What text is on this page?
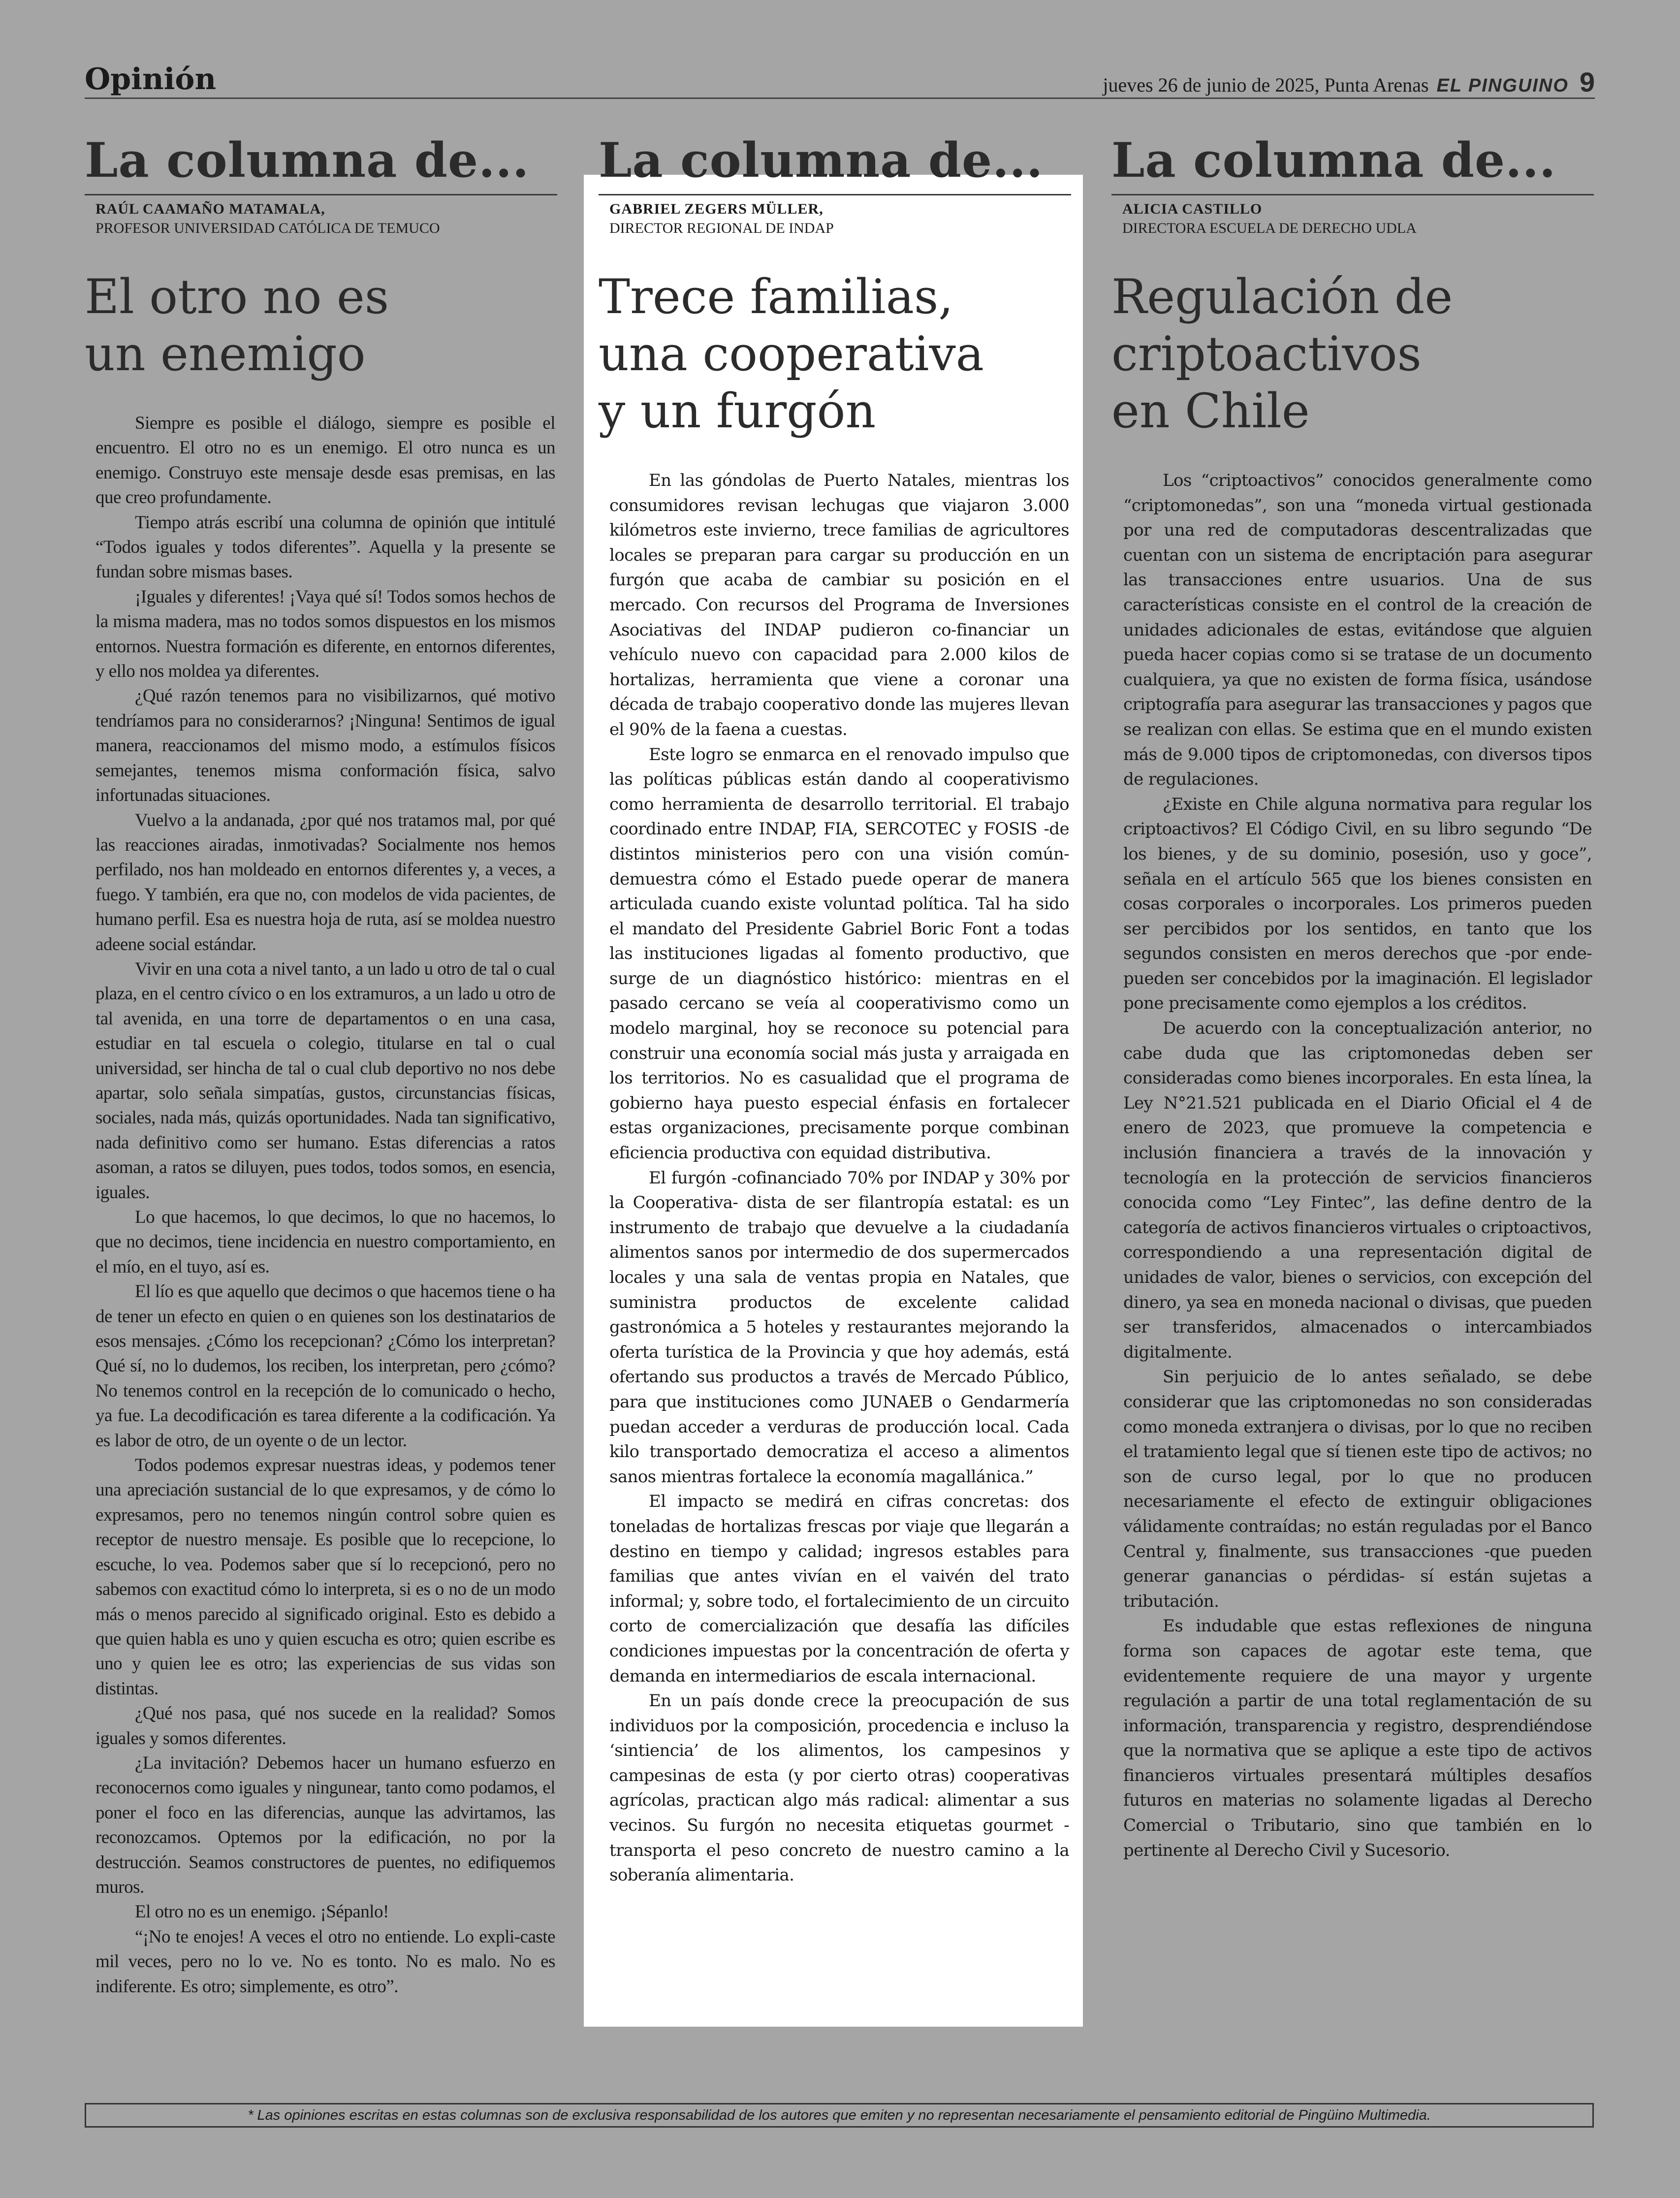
Opinión	jueves 26 de junio de 2025, Punta Arenas EL PINGUINO 9
La columna de...
RAÚL CAAMAÑO MATAMALA,
PROFESOR UNIVERSIDAD CATÓLICA DE TEMUCO
El otro no es
un enemigo

Siempre es posible el diálogo, siempre es posible el encuentro. El otro no es un enemigo. El otro nunca es un enemigo. Construyo este mensaje desde esas premisas, en las que creo profundamente.

Tiempo atrás escribí una columna de opinión que intitulé “Todos iguales y todos diferentes”. Aquella y la presente se fundan sobre mismas bases.

¡Iguales y diferentes! ¡Vaya qué sí! Todos somos hechos de la misma madera, mas no todos somos dispuestos en los mismos entornos. Nuestra formación es diferente, en entornos diferentes, y ello nos moldea ya diferentes.

¿Qué razón tenemos para no visibilizarnos, qué motivo tendríamos para no considerarnos? ¡Ninguna! Sentimos de igual manera, reaccionamos del mismo modo, a estímulos físicos semejantes, tenemos misma conformación física, salvo infortunadas situaciones.

Vuelvo a la andanada, ¿por qué nos tratamos mal, por qué las reacciones airadas, inmotivadas? Socialmente nos hemos perfilado, nos han moldeado en entornos diferentes y, a veces, a fuego. Y también, era que no, con modelos de vida pacientes, de humano perfil. Esa es nuestra hoja de ruta, así se moldea nuestro adeene social estándar.

Vivir en una cota a nivel tanto, a un lado u otro de tal o cual plaza, en el centro cívico o en los extramuros, a un lado u otro de tal avenida, en una torre de departamentos o en una casa, estudiar en tal escuela o colegio, titularse en tal o cual universidad, ser hincha de tal o cual club deportivo no nos debe apartar, solo señala simpatías, gustos, circunstancias físicas, sociales, nada más, quizás oportunidades. Nada tan significativo, nada definitivo como ser humano. Estas diferencias a ratos asoman, a ratos se diluyen, pues todos, todos somos, en esencia, iguales.

Lo que hacemos, lo que decimos, lo que no hacemos, lo que no decimos, tiene incidencia en nuestro comportamiento, en el mío, en el tuyo, así es.

El lío es que aquello que decimos o que hacemos tiene o ha de tener un efecto en quien o en quienes son los destinatarios de esos mensajes. ¿Cómo los recepcionan? ¿Cómo los interpretan? Qué sí, no lo dudemos, los reciben, los interpretan, pero ¿cómo? No tenemos control en la recepción de lo comunicado o hecho, ya fue. La decodificación es tarea diferente a la codificación. Ya es labor de otro, de un oyente o de un lector.

Todos podemos expresar nuestras ideas, y podemos tener una apreciación sustancial de lo que expresamos, y de cómo lo expresamos, pero no tenemos ningún control sobre quien es receptor de nuestro mensaje. Es posible que lo recepcione, lo escuche, lo vea. Podemos saber que sí lo recepcionó, pero no sabemos con exactitud cómo lo interpreta, si es o no de un modo más o menos parecido al significado original. Esto es debido a que quien habla es uno y quien escucha es otro; quien escribe es uno y quien lee es otro; las experiencias de sus vidas son distintas.

¿Qué nos pasa, qué nos sucede en la realidad? Somos iguales y somos diferentes.

¿La invitación? Debemos hacer un humano esfuerzo en reconocernos como iguales y ningunear, tanto como podamos, el poner el foco en las diferencias, aunque las advirtamos, las reconozcamos. Optemos por la edificación, no por la destrucción. Seamos constructores de puentes, no edifiquemos muros.

El otro no es un enemigo. ¡Sépanlo!

“¡No te enojes! A veces el otro no entiende. Lo expli-caste mil veces, pero no lo ve. No es tonto. No es malo. No es indiferente. Es otro; simplemente, es otro”.

La columna de...
GABRIEL ZEGERS MÜLLER,
DIRECTOR REGIONAL DE INDAP
Trece familias,
una cooperativa
y un furgón

En las góndolas de Puerto Natales, mientras los consumidores revisan lechugas que viajaron 3.000 kilómetros este invierno, trece familias de agricultores locales se preparan para cargar su producción en un furgón que acaba de cambiar su posición en el mercado. Con recursos del Programa de Inversiones Asociativas del INDAP pudieron co-financiar un vehículo nuevo con capacidad para 2.000 kilos de hortalizas, herramienta que viene a coronar una década de trabajo cooperativo donde las mujeres llevan el 90% de la faena a cuestas.

Este logro se enmarca en el renovado impulso que las políticas públicas están dando al cooperativismo como herramienta de desarrollo territorial. El trabajo coordinado entre INDAP, FIA, SERCOTEC y FOSIS -de distintos ministerios pero con una visión común- demuestra cómo el Estado puede operar de manera articulada cuando existe voluntad política. Tal ha sido el mandato del Presidente Gabriel Boric Font a todas las instituciones ligadas al fomento productivo, que surge de un diagnóstico histórico: mientras en el pasado cercano se veía al cooperativismo como un modelo marginal, hoy se reconoce su potencial para construir una economía social más justa y arraigada en los territorios. No es casualidad que el programa de gobierno haya puesto especial énfasis en fortalecer estas organizaciones, precisamente porque combinan eficiencia productiva con equidad distributiva.

El furgón -cofinanciado 70% por INDAP y 30% por la Cooperativa- dista de ser filantropía estatal: es un instrumento de trabajo que devuelve a la ciudadanía alimentos sanos por intermedio de dos supermercados locales y una sala de ventas propia en Natales, que suministra productos de excelente calidad gastronómica a 5 hoteles y restaurantes mejorando la oferta turística de la Provincia y que hoy además, está ofertando sus productos a través de Mercado Público, para que instituciones como JUNAEB o Gendarmería puedan acceder a verduras de producción local. Cada kilo transportado democratiza el acceso a alimentos sanos mientras fortalece la economía magallánica.”

El impacto se medirá en cifras concretas: dos toneladas de hortalizas frescas por viaje que llegarán a destino en tiempo y calidad; ingresos estables para familias que antes vivían en el vaivén del trato informal; y, sobre todo, el fortalecimiento de un circuito corto de comercialización que desafía las difíciles condiciones impuestas por la concentración de oferta y demanda en intermediarios de escala internacional.

En un país donde crece la preocupación de sus individuos por la composición, procedencia e incluso la ‘sintiencia’ de los alimentos, los campesinos y campesinas de esta (y por cierto otras) cooperativas agrícolas, practican algo más radical: alimentar a sus vecinos. Su furgón no necesita etiquetas gourmet -transporta el peso concreto de nuestro camino a la soberanía alimentaria.

La columna de...
ALICIA CASTILLO
DIRECTORA ESCUELA DE DERECHO UDLA
Regulación de
criptoactivos
en Chile

Los “criptoactivos” conocidos generalmente como “criptomonedas”, son una “moneda virtual gestionada por una red de computadoras descentralizadas que cuentan con un sistema de encriptación para asegurar las transacciones entre usuarios. Una de sus características consiste en el control de la creación de unidades adicionales de estas, evitándose que alguien pueda hacer copias como si se tratase de un documento cualquiera, ya que no existen de forma física, usándose criptografía para asegurar las transacciones y pagos que se realizan con ellas. Se estima que en el mundo existen más de 9.000 tipos de criptomonedas, con diversos tipos de regulaciones.

¿Existe en Chile alguna normativa para regular los criptoactivos? El Código Civil, en su libro segundo “De los bienes, y de su dominio, posesión, uso y goce”, señala en el artículo 565 que los bienes consisten en cosas corporales o incorporales. Los primeros pueden ser percibidos por los sentidos, en tanto que los segundos consisten en meros derechos que -por ende- pueden ser concebidos por la imaginación. El legislador pone precisamente como ejemplos a los créditos.

De acuerdo con la conceptualización anterior, no cabe duda que las criptomonedas deben ser consideradas como bienes incorporales. En esta línea, la Ley N°21.521 publicada en el Diario Oficial el 4 de enero de 2023, que promueve la competencia e inclusión financiera a través de la innovación y tecnología en la protección de servicios financieros conocida como “Ley Fintec”, las define dentro de la categoría de activos financieros virtuales o criptoactivos, correspondiendo a una representación digital de unidades de valor, bienes o servicios, con excepción del dinero, ya sea en moneda nacional o divisas, que pueden ser transferidos, almacenados o intercambiados digitalmente.

Sin perjuicio de lo antes señalado, se debe considerar que las criptomonedas no son consideradas como moneda extranjera o divisas, por lo que no reciben el tratamiento legal que sí tienen este tipo de activos; no son de curso legal, por lo que no producen necesariamente el efecto de extinguir obligaciones válidamente contraídas; no están reguladas por el Banco Central y, finalmente, sus transacciones -que pueden generar ganancias o pérdidas- sí están sujetas a tributación.

Es indudable que estas reflexiones de ninguna forma son capaces de agotar este tema, que evidentemente requiere de una mayor y urgente regulación a partir de una total reglamentación de su información, transparencia y registro, desprendiéndose que la normativa que se aplique a este tipo de activos financieros virtuales presentará múltiples desafíos futuros en materias no solamente ligadas al Derecho Comercial o Tributario, sino que también en lo pertinente al Derecho Civil y Sucesorio.

* Las opiniones escritas en estas columnas son de exclusiva responsabilidad de los autores que emiten y no representan necesariamente el pensamiento editorial de Pingüino Multimedia.
